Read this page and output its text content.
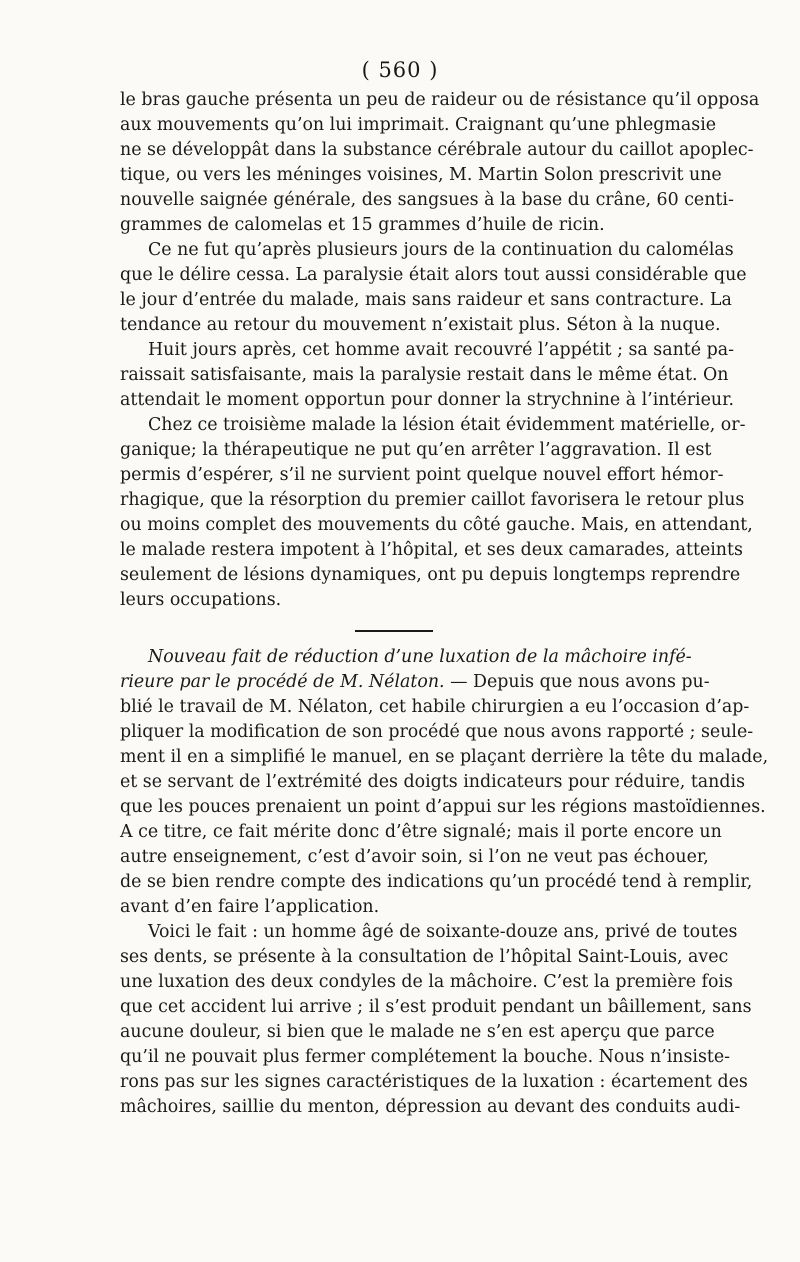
( 560 )
le bras gauche présenta un peu de raideur ou de résistance qu’il opposa
aux mouvements qu’on lui imprimait. Craignant qu’une phlegmasie
ne se développât dans la substance cérébrale autour du caillot apoplec-
tique, ou vers les méninges voisines, M. Martin Solon prescrivit une
nouvelle saignée générale, des sangsues à la base du crâne, 60 centi-
grammes de calomelas et 15 grammes d’huile de ricin.
Ce ne fut qu’après plusieurs jours de la continuation du calomélas
que le délire cessa. La paralysie était alors tout aussi considérable que
le jour d’entrée du malade, mais sans raideur et sans contracture. La
tendance au retour du mouvement n’existait plus. Séton à la nuque.
Huit jours après, cet homme avait recouvré l’appétit ; sa santé pa-
raissait satisfaisante, mais la paralysie restait dans le même état. On
attendait le moment opportun pour donner la strychnine à l’intérieur.
Chez ce troisième malade la lésion était évidemment matérielle, or-
ganique; la thérapeutique ne put qu’en arrêter l’aggravation. Il est
permis d’espérer, s’il ne survient point quelque nouvel effort hémor-
rhagique, que la résorption du premier caillot favorisera le retour plus
ou moins complet des mouvements du côté gauche. Mais, en attendant,
le malade restera impotent à l’hôpital, et ses deux camarades, atteints
seulement de lésions dynamiques, ont pu depuis longtemps reprendre
leurs occupations.
Nouveau fait de réduction d’une luxation de la mâchoire infé-
rieure par le procédé de M. Nélaton. — Depuis que nous avons pu-
blié le travail de M. Nélaton, cet habile chirurgien a eu l’occasion d’ap-
pliquer la modification de son procédé que nous avons rapporté ; seule-
ment il en a simplifié le manuel, en se plaçant derrière la tête du malade,
et se servant de l’extrémité des doigts indicateurs pour réduire, tandis
que les pouces prenaient un point d’appui sur les régions mastoïdiennes.
A ce titre, ce fait mérite donc d’être signalé; mais il porte encore un
autre enseignement, c’est d’avoir soin, si l’on ne veut pas échouer,
de se bien rendre compte des indications qu’un procédé tend à remplir,
avant d’en faire l’application.
Voici le fait : un homme âgé de soixante-douze ans, privé de toutes
ses dents, se présente à la consultation de l’hôpital Saint-Louis, avec
une luxation des deux condyles de la mâchoire. C’est la première fois
que cet accident lui arrive ; il s’est produit pendant un bâillement, sans
aucune douleur, si bien que le malade ne s’en est aperçu que parce
qu’il ne pouvait plus fermer complétement la bouche. Nous n’insiste-
rons pas sur les signes caractéristiques de la luxation : écartement des
mâchoires, saillie du menton, dépression au devant des conduits audi-
